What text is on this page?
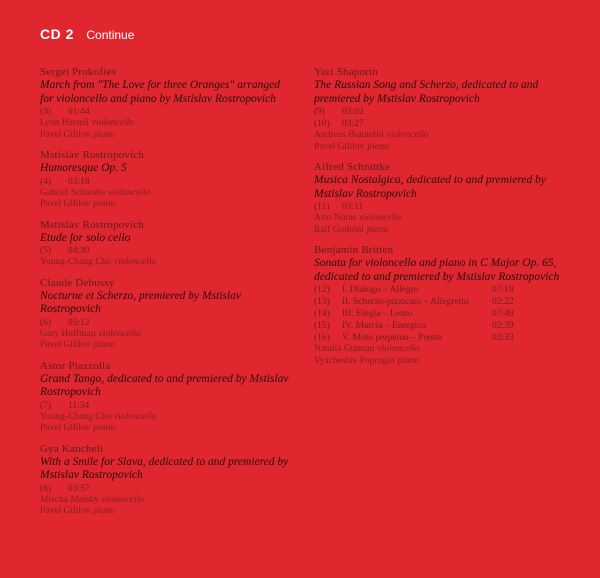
CD 2 Continue
Sergei Prokofiev
March from "The Love for three Oranges" arranged for violoncello and piano by Mstislav Rostropovich
(3) 01:44
Lynn Harrell violoncello
Pavel Gililov piano
Mstislav Rostropovich
Humoresque Op. 5
(4) 03:18
Gabriel Schwabe violoncello
Pavel Gililov piano
Mstislav Rostropovich
Etude for solo cello
(5) 04:30
Young-Chang Cho violoncello
Claude Debussy
Nocturne et Scherzo, premiered by Mstislav Rostropovich
(6) 05:12
Gary Hoffman violoncello
Pavel Gililov piano
Astor Piazzolla
Grand Tango, dedicated to and premiered by Mstislav Rostropovich
(7) 11:34
Young-Chang Cho violoncello
Pavel Gililov piano
Gya Kancheli
With a Smile for Slava, dedicated to and premiered by Mstislav Rostropovich
(8) 03:57
Mischa Maisky violoncello
Pavel Gililov piano
Yuri Shaporin
The Russian Song and Scherzo, dedicated to and premiered by Mstislav Rostropovich
(9) 03:02
(10) 03:27
Andreas Brantelid violoncello
Pavel Gililov piano
Alfred Schnittke
Musica Nostalgica, dedicated to and premiered by Mstislav Rostropovich
(11) 03:11
Arto Noras violoncello
Ralf Gothóni piano
Benjamin Britten
Sonata for violoncello and piano in C Major Op. 65, dedicated to and premiered by Mstislav Rostropovich
(12) I. Dialogo – Allegro	07:19
(13) II. Scherzo-pizzicato – Allegretto 02:22
(14) III. Elegia – Lento	07:49
(15) IV. Marcia – Energico	02:39
(16) V. Moto perpetuo – Presto	02:33
Natalia Gutman violoncello
Vyacheslav Poprugin piano
